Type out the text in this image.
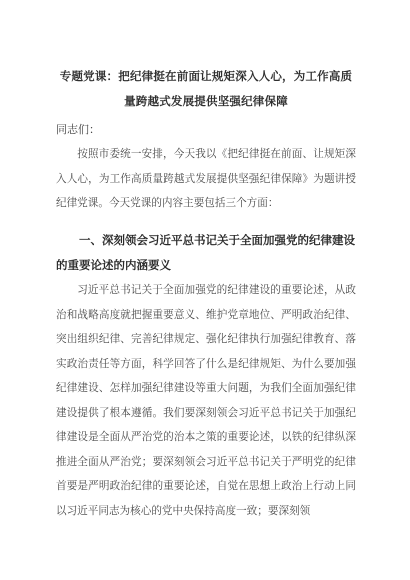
专题党课：把纪律挺在前面让规矩深入人心，为工作高质量跨越式发展提供坚强纪律保障
同志们：

按照市委统一安排，今天我以《把纪律挺在前面、让规矩深入人心，为工作高质量跨越式发展提供坚强纪律保障》为题讲授纪律党课。今天党课的内容主要包括三个方面：

一、深刻领会习近平总书记关于全面加强党的纪律建设的重要论述的内涵要义

习近平总书记关于全面加强党的纪律建设的重要论述，从政治和战略高度就把握重要意义、维护党章地位、严明政治纪律、突出组织纪律、完善纪律规定、强化纪律执行加强纪律教育、落实政治责任等方面，科学回答了什么是纪律规矩、为什么要加强纪律建设、怎样加强纪律建设等重大问题，为我们全面加强纪律建设提供了根本遵循。我们要深刻领会习近平总书记关于加强纪律建设是全面从严治党的治本之策的重要论述，以铁的纪律纵深推进全面从严治党；要深刻领会习近平总书记关于严明党的纪律首要是严明政治纪律的重要论述，自觉在思想上政治上行动上同以习近平同志为核心的党中央保持高度一致；要深刻领
